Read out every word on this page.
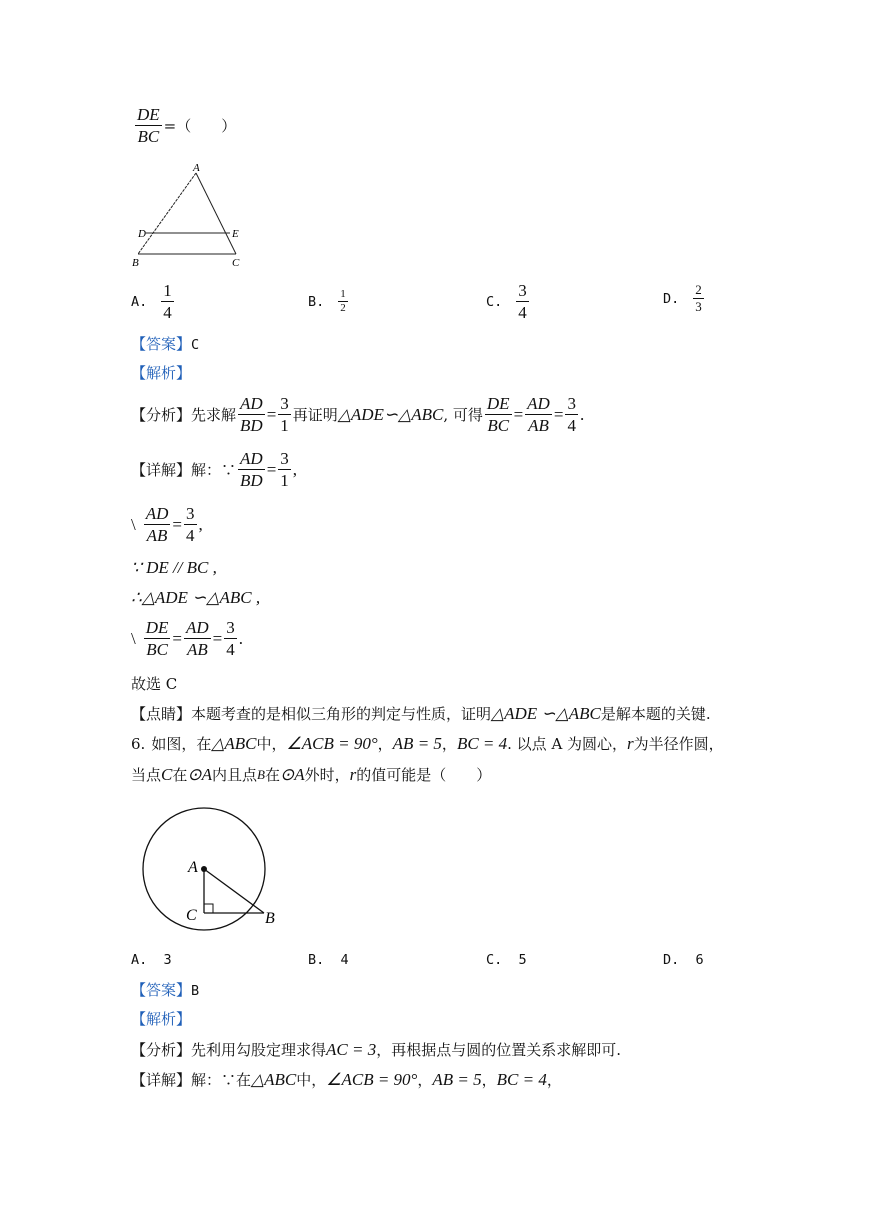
$\frac{DE}{BC}$ =（　　）
A
D	E
B	C
A. $\frac{1}{4}$	B. $\frac{1}{2}$	C. $\frac{3}{4}$	D. $\frac{2}{3}$
【答案】C
【解析】
【分析】 先求解 $\frac{AD}{BD} = \frac{3}{1}$ 再证明 △ADE∽△ABC , 可得 $\frac{DE}{BC} = \frac{AD}{AB} = \frac{3}{4}$ .
【详解】 解：∵ $\frac{AD}{BD} = \frac{3}{1}$ ,
\ $\frac{AD}{AB} = \frac{3}{4}$ ,
∵ DE // BC ,
∴△ADE ∽△ABC ,
\ $\frac{DE}{BC} = \frac{AD}{AB} = \frac{3}{4}$ .
故选 C
【点睛】 本题考查的是相似三角形的判定与性质，证明 △ADE ∽△ABC 是解本题的关键.
6. 如图，在 △ABC 中， ∠ACB = 90° ， AB = 5 ， BC = 4 . 以点 A 为圆心， r 为半径作圆，
当点 C 在 ⊙A 内且点 B 在 ⊙A 外时， r 的值可能是（　　）
A
C	B
A. 3	B. 4	C. 5	D. 6
【答案】B
【解析】
【分析】 先利用勾股定理求得 AC = 3 ，再根据点与圆的位置关系求解即可.
【详解】 解：∵在 △ABC 中， ∠ACB = 90° ， AB = 5 ， BC = 4 ，
